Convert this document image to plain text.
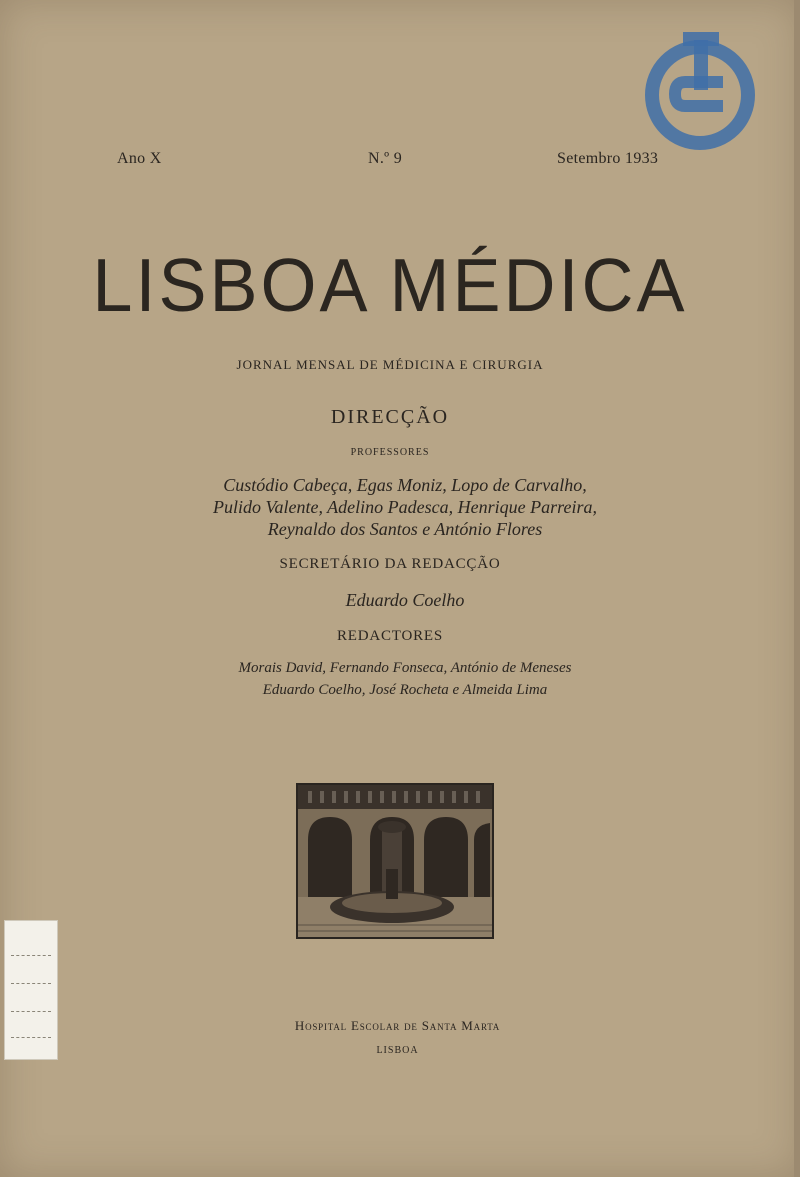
Ano X	N.º 9	Setembro 1933
LISBOA MÉDICA
JORNAL MENSAL DE MÉDICINA E CIRURGIA
DIRECÇÃO
PROFESSORES
Custódio Cabeça, Egas Moniz, Lopo de Carvalho,
Pulido Valente, Adelino Padesca, Henrique Parreira,
Reynaldo dos Santos e António Flores
SECRETÁRIO DA REDACÇÃO
Eduardo Coelho
REDACTORES
Morais David, Fernando Fonseca, António de Meneses
Eduardo Coelho, José Rocheta e Almeida Lima
Hospital Escolar de Santa Marta
LISBOA
